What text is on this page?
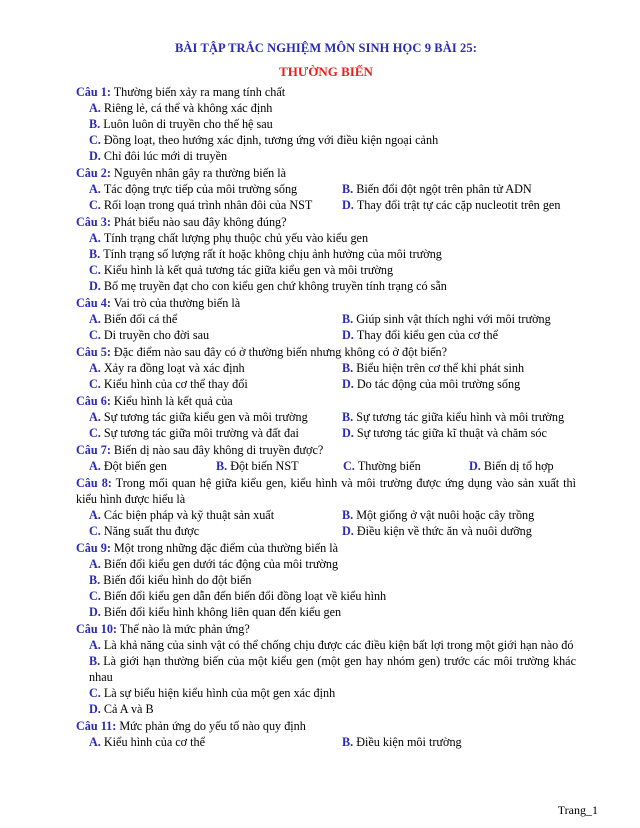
BÀI TẬP TRẮC NGHIỆM MÔN SINH HỌC 9 BÀI 25:
THƯỜNG BIẾN
Câu 1: Thường biến xảy ra mang tính chất
A. Riêng lẻ, cá thể và không xác định
B. Luôn luôn di truyền cho thế hệ sau
C. Đồng loạt, theo hướng xác định, tương ứng với điều kiện ngoại cảnh
D. Chỉ đôi lúc mới di truyền
Câu 2: Nguyên nhân gây ra thường biến là
A. Tác động trực tiếp của môi trường sống	B. Biến đổi đột ngột trên phân tử ADN
C. Rối loạn trong quá trình nhân đôi của NST	D. Thay đổi trật tự các cặp nucleotit trên gen
Câu 3: Phát biểu nào sau đây không đúng?
A. Tính trạng chất lượng phụ thuộc chủ yếu vào kiểu gen
B. Tính trạng số lượng rất ít hoặc không chịu ảnh hưởng của môi trường
C. Kiểu hình là kết quả tương tác giữa kiểu gen và môi trường
D. Bố mẹ truyền đạt cho con kiểu gen chứ không truyền tính trạng có sẵn
Câu 4: Vai trò của thường biến là
A. Biến đổi cá thể	B. Giúp sinh vật thích nghi với môi trường
C. Di truyền cho đời sau	D. Thay đổi kiểu gen của cơ thể
Câu 5: Đặc điểm nào sau đây có ở thường biến nhưng không có ở đột biến?
A. Xảy ra đồng loạt và xác định	B. Biểu hiện trên cơ thể khi phát sinh
C. Kiểu hình của cơ thể thay đổi	D. Do tác động của môi trường sống
Câu 6: Kiểu hình là kết quả của
A. Sự tương tác giữa kiểu gen và môi trường	B. Sự tương tác giữa kiểu hình và môi trường
C. Sự tương tác giữa môi trường và đất đai	D. Sự tương tác giữa kĩ thuật và chăm sóc
Câu 7: Biến dị nào sau đây không di truyền được?
A. Đột biến gen	B. Đột biến NST	C. Thường biến	D. Biến dị tổ hợp
Câu 8: Trong mối quan hệ giữa kiểu gen, kiểu hình và môi trường được ứng dụng vào sản xuất thì kiểu hình được hiểu là
A. Các biện pháp và kỹ thuật sản xuất	B. Một giống ở vật nuôi hoặc cây trồng
C. Năng suất thu được	D. Điều kiện về thức ăn và nuôi dưỡng
Câu 9: Một trong những đặc điểm của thường biến là
A. Biến đổi kiểu gen dưới tác động của môi trường
B. Biến đổi kiểu hình do đột biến
C. Biến đổi kiểu gen dẫn đến biến đổi đồng loạt về kiểu hình
D. Biến đổi kiểu hình không liên quan đến kiểu gen
Câu 10: Thế nào là mức phản ứng?
A. Là khả năng của sinh vật có thể chống chịu được các điều kiện bất lợi trong một giới hạn nào đó
B. Là giới hạn thường biến của một kiểu gen (một gen hay nhóm gen) trước các môi trường khác nhau
C. Là sự biểu hiện kiểu hình của một gen xác định
D. Cả A và B
Câu 11: Mức phản ứng do yếu tố nào quy định
A. Kiểu hình của cơ thể	B. Điều kiện môi trường
Trang_1
